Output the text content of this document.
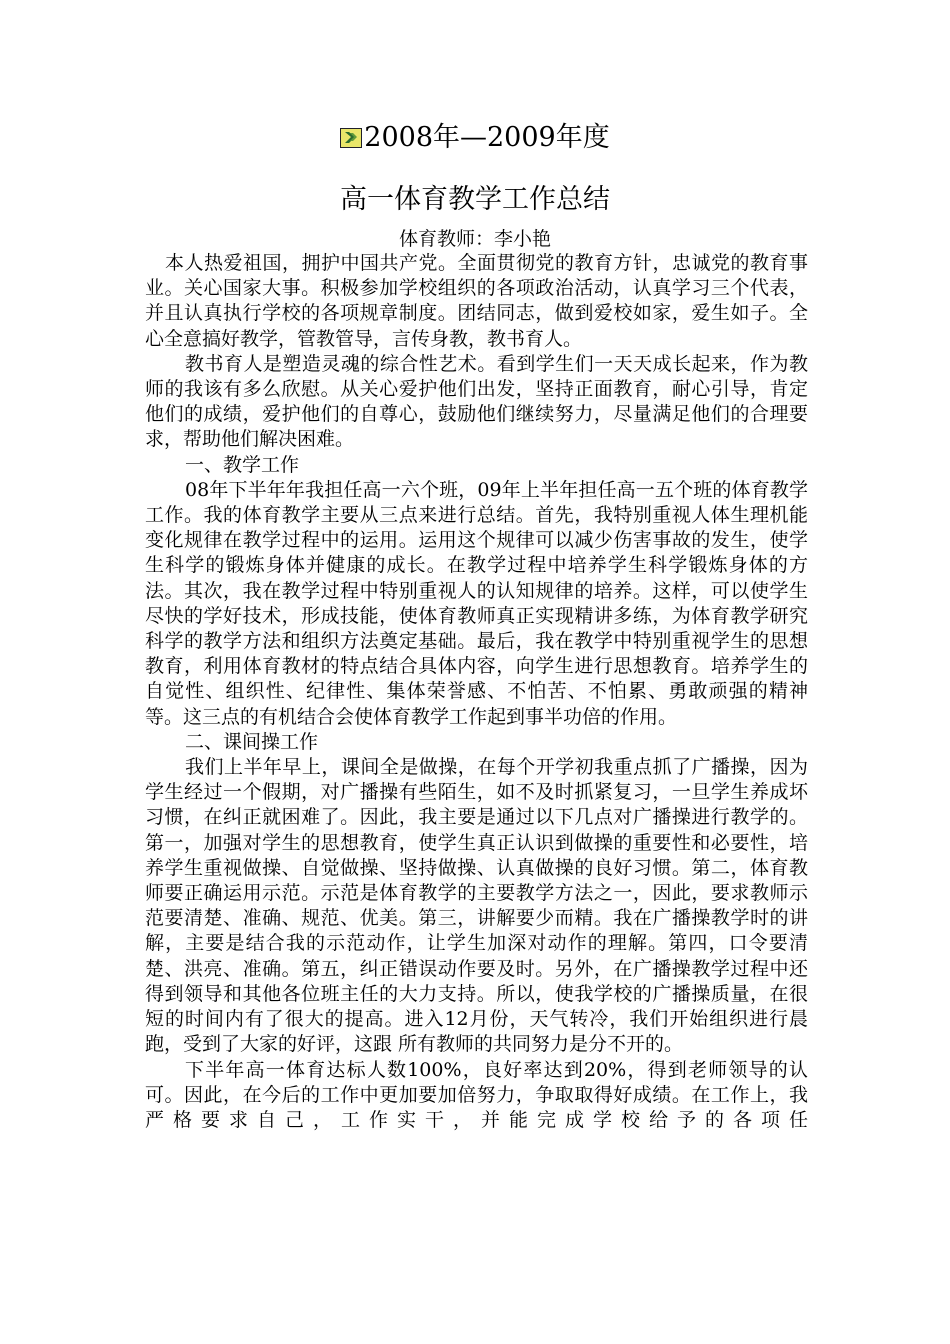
2008年—2009年度
高一体育教学工作总结
体育教师：李小艳

本人热爱祖国，拥护中国共产党。全面贯彻党的教育方针，忠诚党的教育事业。关心国家大事。积极参加学校组织的各项政治活动，认真学习三个代表，并且认真执行学校的各项规章制度。团结同志，做到爱校如家，爱生如子。全心全意搞好教学，管教管导，言传身教，教书育人。

教书育人是塑造灵魂的综合性艺术。看到学生们一天天成长起来，作为教师的我该有多么欣慰。从关心爱护他们出发，坚持正面教育，耐心引导，肯定他们的成绩，爱护他们的自尊心，鼓励他们继续努力，尽量满足他们的合理要求，帮助他们解决困难。

一、教学工作

08年下半年年我担任高一六个班，09年上半年担任高一五个班的体育教学工作。我的体育教学主要从三点来进行总结。首先，我特别重视人体生理机能变化规律在教学过程中的运用。运用这个规律可以减少伤害事故的发生，使学生科学的锻炼身体并健康的成长。在教学过程中培养学生科学锻炼身体的方法。其次，我在教学过程中特别重视人的认知规律的培养。这样，可以使学生尽快的学好技术，形成技能，使体育教师真正实现精讲多练，为体育教学研究科学的教学方法和组织方法奠定基础。最后，我在教学中特别重视学生的思想教育，利用体育教材的特点结合具体内容，向学生进行思想教育。培养学生的自觉性、组织性、纪律性、集体荣誉感、不怕苦、不怕累、勇敢顽强的精神等。这三点的有机结合会使体育教学工作起到事半功倍的作用。

二、课间操工作

我们上半年早上，课间全是做操，在每个开学初我重点抓了广播操，因为学生经过一个假期，对广播操有些陌生，如不及时抓紧复习，一旦学生养成坏习惯，在纠正就困难了。因此，我主要是通过以下几点对广播操进行教学的。第一，加强对学生的思想教育，使学生真正认识到做操的重要性和必要性，培养学生重视做操、自觉做操、坚持做操、认真做操的良好习惯。第二，体育教师要正确运用示范。示范是体育教学的主要教学方法之一，因此，要求教师示范要清楚、准确、规范、优美。第三，讲解要少而精。我在广播操教学时的讲解，主要是结合我的示范动作，让学生加深对动作的理解。第四，口令要清楚、洪亮、准确。第五，纠正错误动作要及时。另外，在广播操教学过程中还得到领导和其他各位班主任的大力支持。所以，使我学校的广播操质量，在很短的时间内有了很大的提高。进入12月份，天气转冷，我们开始组织进行晨跑，受到了大家的好评，这跟 所有教师的共同努力是分不开的。

下半年高一体育达标人数100%，良好率达到20%，得到老师领导的认可。因此，在今后的工作中更加要加倍努力，争取取得好成绩。在工作上，我严格要求自己，工作实干，并能完成学校给予的各项任
